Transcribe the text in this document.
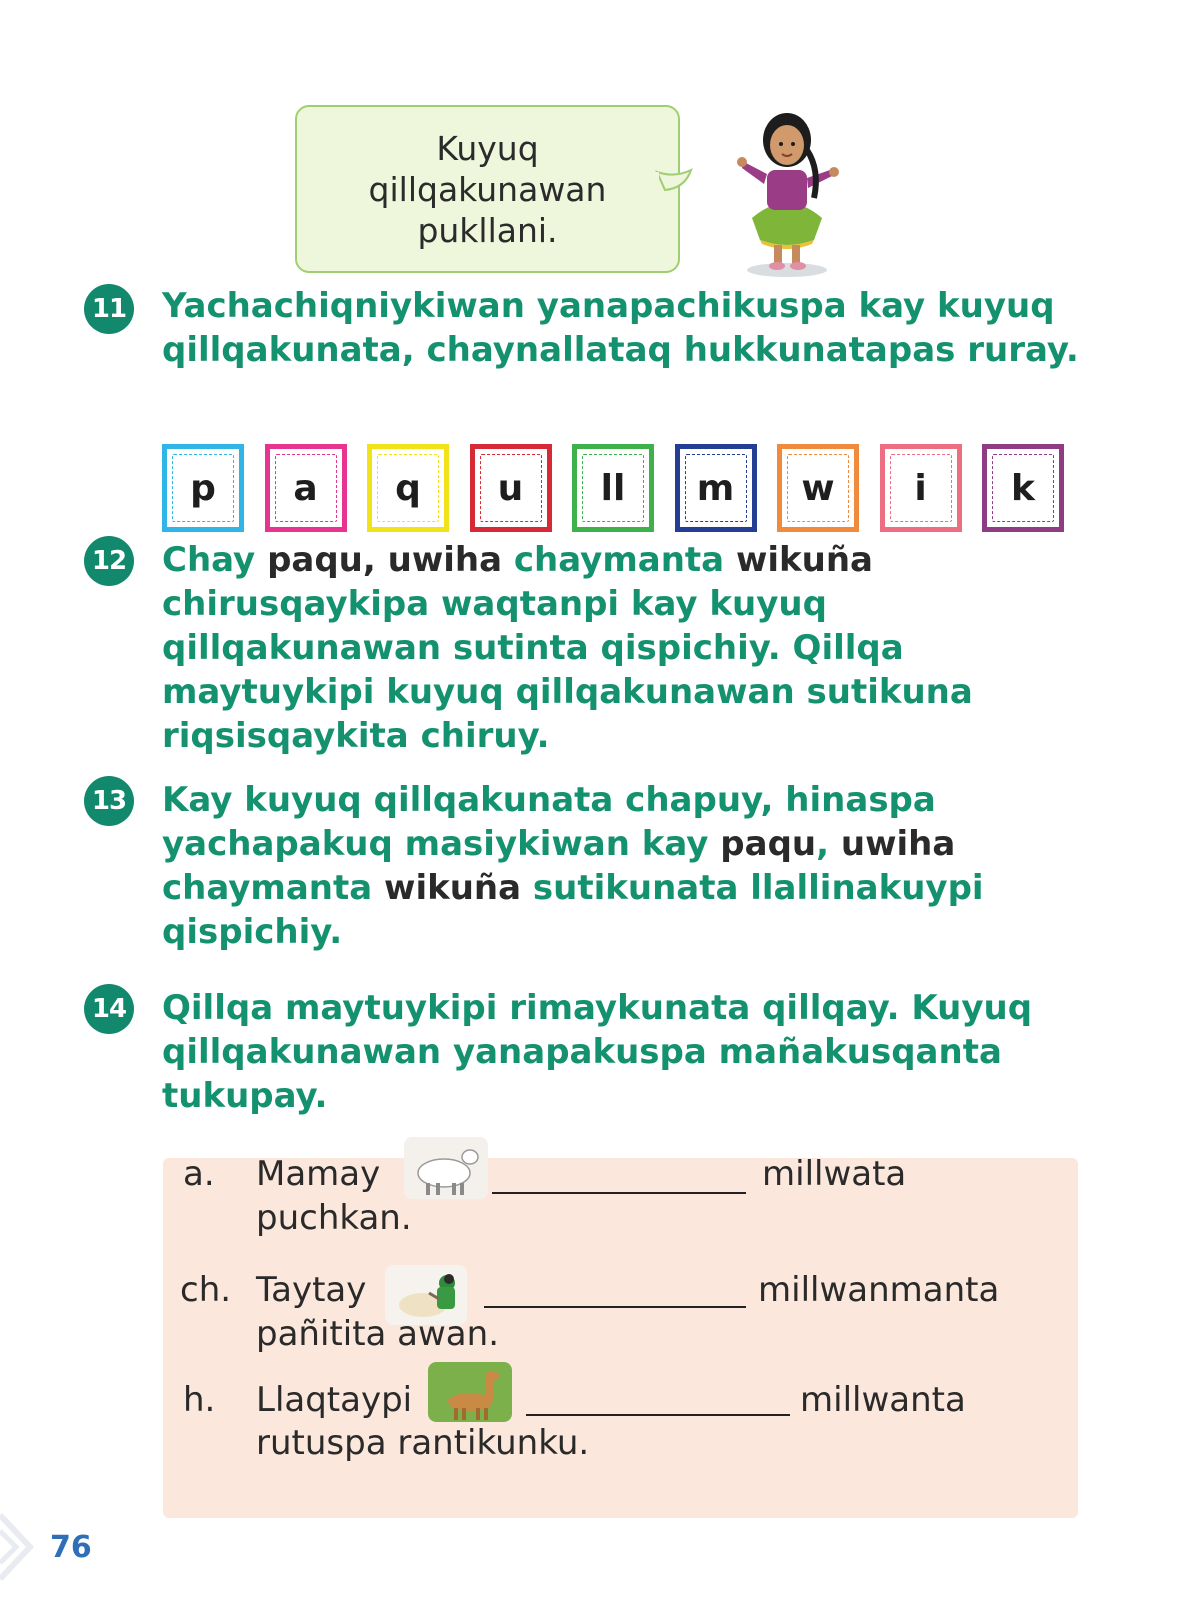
Kuyuq
qillqakunawan
pukllani.
11 Yachachiqniykiwan yanapachikuspa kay kuyuq qillqakunata, chaynallataq hukkunatapas ruray.
p a q u ll m w i k
12 Chay paqu, uwiha chaymanta wikuña chirusqaykipa waqtanpi kay kuyuq qillqakunawan sutinta qispichiy. Qillqa maytuykipi kuyuq qillqakunawan sutikuna riqsisqaykita chiruy.
13 Kay kuyuq qillqakunata chapuy, hinaspa yachapakuq masiykiwan kay paqu, uwiha chaymanta wikuña sutikunata llallinakuypi qispichiy.
14 Qillqa maytuykipi rimaykunata qillqay. Kuyuq qillqakunawan yanapakuspa mañakusqanta tukupay.
a. Mamay	millwata
puchkan.
ch. Taytay	millwanmanta
pañitita awan.
h. Llaqtaypi	millwanta
rutuspa rantikunku.
76
